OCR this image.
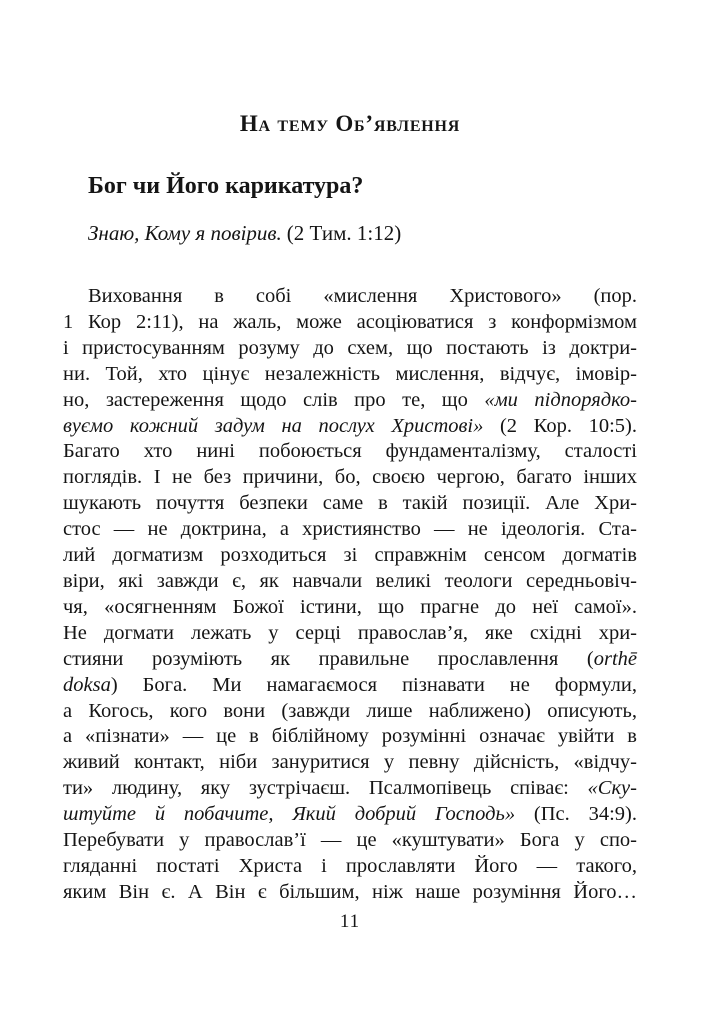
На тему Об’явлення
Бог чи Його карикатура?

Знаю, Кому я повірив. (2 Тим. 1:12)

Виховання в собі «мислення Христового» (пор.
1 Кор 2:11), на жаль, може асоціюватися з конформізмом
і пристосуванням розуму до схем, що постають із доктри-
ни. Той, хто цінує незалежність мислення, відчує, імовір-
но, застереження щодо слів про те, що «ми підпорядко-
вуємо кожний задум на послух Христові» (2 Кор. 10:5).
Багато хто нині побоюється фундаменталізму, сталості
поглядів. І не без причини, бо, своєю чергою, багато інших
шукають почуття безпеки саме в такій позиції. Але Хри-
стос — не доктрина, а християнство — не ідеологія. Ста-
лий догматизм розходиться зі справжнім сенсом догматів
віри, які завжди є, як навчали великі теологи середньовіч-
чя, «осягненням Божої істини, що прагне до неї самої».
Не догмати лежать у серці православ’я, яке східні хри-
стияни розуміють як правильне прославлення (orthē
doksa) Бога. Ми намагаємося пізнавати не формули,
а Когось, кого вони (завжди лише наближено) описують,
а «пізнати» — це в біблійному розумінні означає увійти в
живий контакт, ніби зануритися у певну дійсність, «відчу-
ти» людину, яку зустрічаєш. Псалмопівець співає: «Ску-
штуйте й побачите, Який добрий Господь» (Пс. 34:9).
Перебувати у православ’ї — це «куштувати» Бога у спо-
гляданні постаті Христа і прославляти Його — такого,
яким Він є. А Він є більшим, ніж наше розуміння Його…
11
